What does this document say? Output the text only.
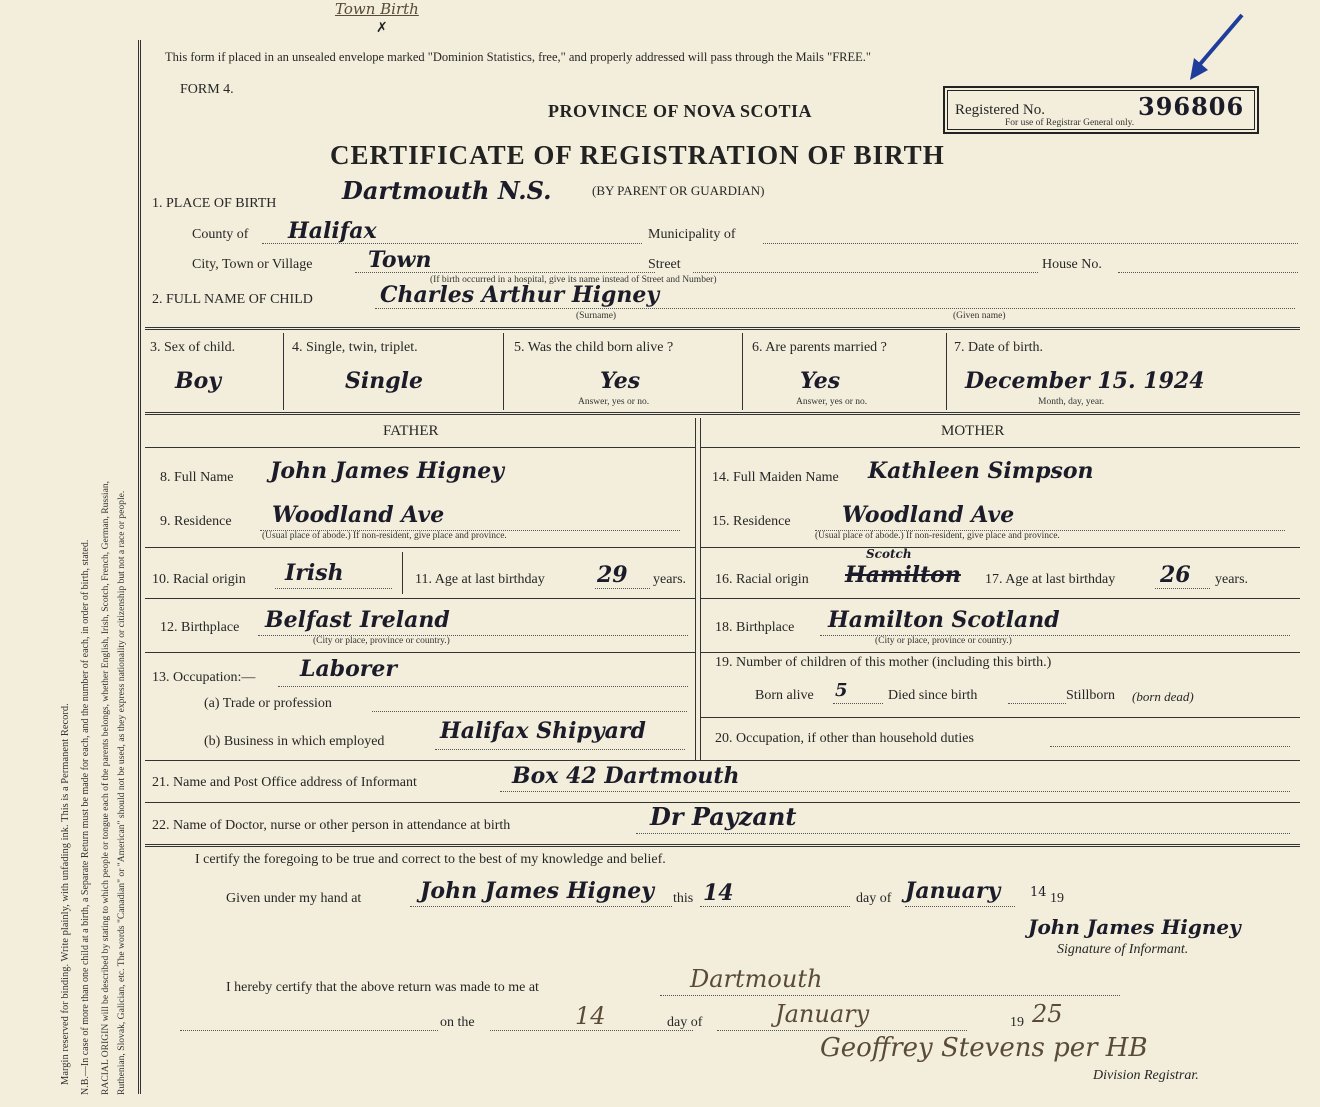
Margin reserved for binding. Write plainly, with unfading ink. This is a Permanent Record. N.B.—In case of more than one child at a birth, a Separate Return must be made for each, and the number of each, in order of birth, stated. RACIAL ORIGIN will be described by stating to which people or tongue each of the parents belongs, whether English, Irish, Scotch, French, German, Russian, Ruthenian, Slovak, Galician, etc. The words "Canadian" or "American" should not be used, as they express nationality or citizenship but not a race or people.
Town Birth
✗
This form if placed in an unsealed envelope marked "Dominion Statistics, free," and properly addressed will pass through the Mails "FREE."
FORM 4.
PROVINCE OF NOVA SCOTIA
CERTIFICATE OF REGISTRATION OF BIRTH
Registered No.	396806
For use of Registrar General only.
1. PLACE OF BIRTH	Dartmouth N.S.	(BY PARENT OR GUARDIAN)
County of Halifax	Municipality of
City, Town or Village	Town	Street	House No.
(If birth occurred in a hospital, give its name instead of Street and Number)
2. FULL NAME OF CHILD	Charles Arthur Higney
(Surname)	(Given name)
3. Sex of child.	4. Single, twin, triplet.	5. Was the child born alive ?	6. Are parents married ?	7. Date of birth.
Boy	Single	Yes	Yes	December 15. 1924
Answer, yes or no.	Answer, yes or no.	Month, day, year.
FATHER	MOTHER
8. Full Name John James Higney
9. Residence Woodland Ave
(Usual place of abode.) If non-resident, give place and province.
10. Racial origin Irish	11. Age at last birthday 29 years.
12. Birthplace Belfast Ireland
(City or place, province or country.)
13. Occupation:— Laborer
(a) Trade or profession
(b) Business in which employed	Halifax Shipyard
14. Full Maiden Name Kathleen Simpson
15. Residence Woodland Ave
(Usual place of abode.) If non-resident, give place and province.
16. Racial origin
Scotch
Hamilton 17. Age at last birthday 26 years.
18. Birthplace Hamilton Scotland
(City or place, province or country.)
19. Number of children of this mother (including this birth.)
Born alive 5	Died since birth	Stillborn (born dead)
20. Occupation, if other than household duties
21. Name and Post Office address of Informant	Box 42 Dartmouth
22. Name of Doctor, nurse or other person in attendance at birth	Dr Payzant
I certify the foregoing to be true and correct to the best of my knowledge and belief.
Given under my hand at	John James Higney this 14	day of January 14 19
John James Higney
Signature of Informant.
I hereby certify that the above return was made to me at	Dartmouth
on the	14	day of	January	19 25
Geoffrey Stevens per HB
Division Registrar.
